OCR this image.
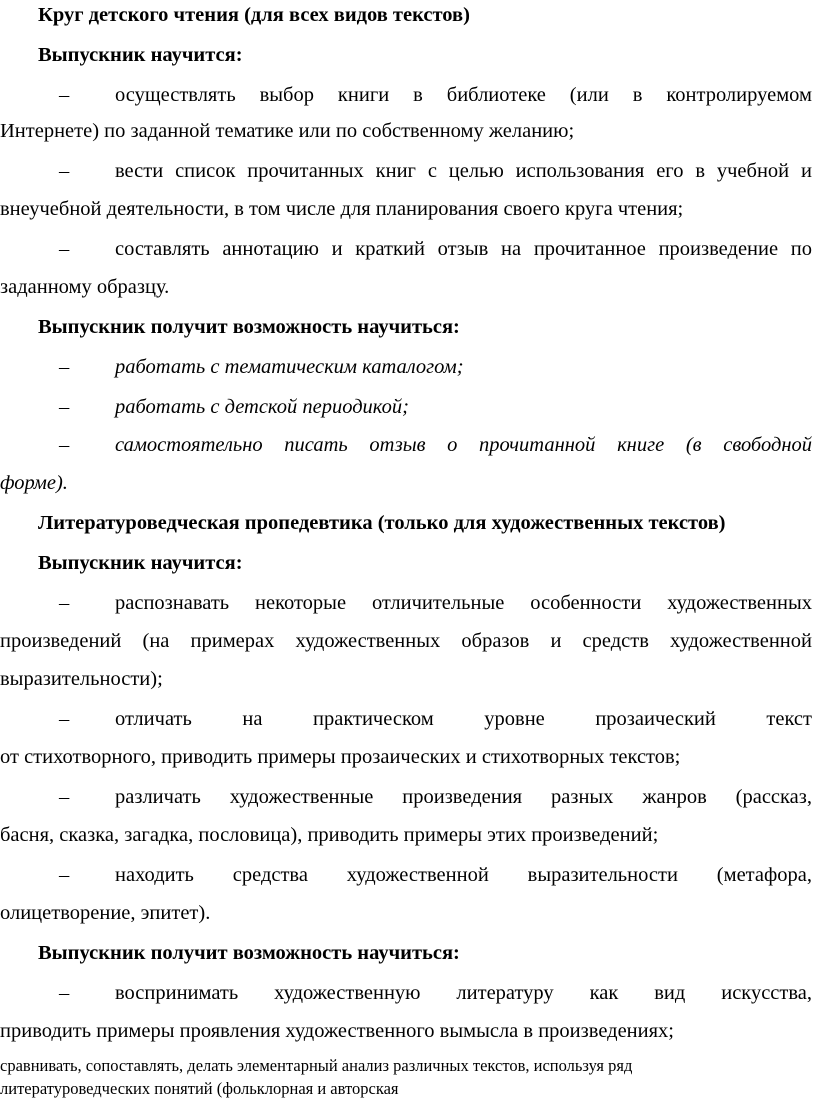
Круг детского чтения (для всех видов текстов)
Выпускник научится:
– осуществлять выбор книги в библиотеке (или в контролируемом
Интернете) по заданной тематике или по собственному желанию;
– вести список прочитанных книг с целью использования его в учебной и
внеучебной деятельности, в том числе для планирования своего круга чтения;
– составлять аннотацию и краткий отзыв на прочитанное произведение по
заданному образцу.
Выпускник получит возможность научиться:
– работать с тематическим каталогом;
– работать с детской периодикой;
– самостоятельно писать отзыв о прочитанной книге (в свободной
форме).
Литературоведческая пропедевтика (только для художественных текстов)
Выпускник научится:
– распознавать некоторые отличительные особенности художественных
произведений (на примерах художественных образов и средств художественной
выразительности);
– отличать на практическом уровне прозаический текст
от стихотворного, приводить примеры прозаических и стихотворных текстов;
– различать художественные произведения разных жанров (рассказ,
басня, сказка, загадка, пословица), приводить примеры этих произведений;
– находить средства художественной выразительности (метафора,
олицетворение, эпитет).
Выпускник получит возможность научиться:
– воспринимать художественную литературу как вид искусства,
приводить примеры проявления художественного вымысла в произведениях;
сравнивать, сопоставлять, делать элементарный анализ различных текстов, используя ряд
литературоведческих понятий (фольклорная и авторская
